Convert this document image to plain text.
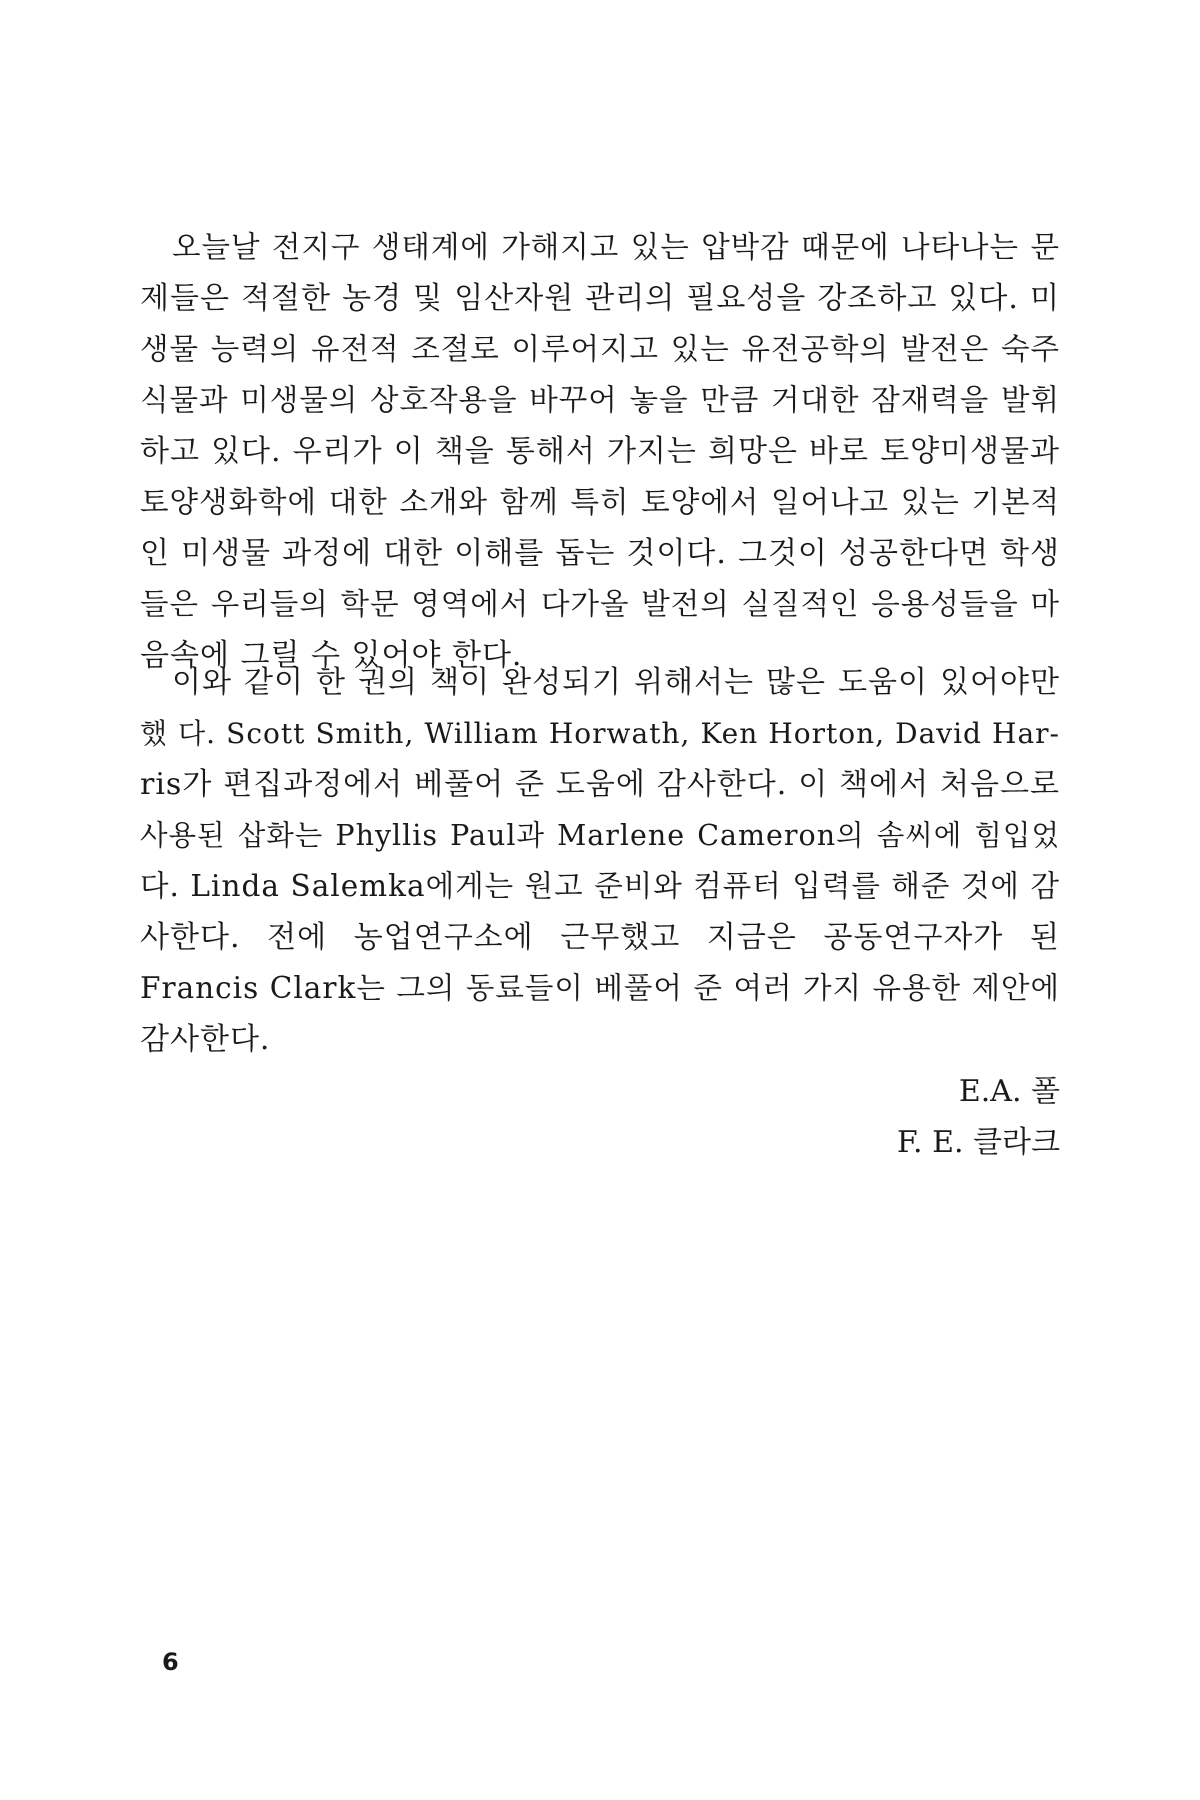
오늘날 전지구 생태계에 가해지고 있는 압박감 때문에 나타나는 문
제들은 적절한 농경 및 임산자원 관리의 필요성을 강조하고 있다. 미
생물 능력의 유전적 조절로 이루어지고 있는 유전공학의 발전은 숙주
식물과 미생물의 상호작용을 바꾸어 놓을 만큼 거대한 잠재력을 발휘
하고 있다. 우리가 이 책을 통해서 가지는 희망은 바로 토양미생물과
토양생화학에 대한 소개와 함께 특히 토양에서 일어나고 있는 기본적
인 미생물 과정에 대한 이해를 돕는 것이다. 그것이 성공한다면 학생
들은 우리들의 학문 영역에서 다가올 발전의 실질적인 응용성들을 마
음속에 그릴 수 있어야 한다.
이와 같이 한 권의 책이 완성되기 위해서는 많은 도움이 있어야만
했 다. Scott Smith, William Horwath, Ken Horton, David Har-
ris가 편집과정에서 베풀어 준 도움에 감사한다. 이 책에서 처음으로
사용된 삽화는 Phyllis Paul과 Marlene Cameron의 솜씨에 힘입었
다. Linda Salemka에게는 원고 준비와 컴퓨터 입력를 해준 것에 감
사한다. 전에 농업연구소에 근무했고 지금은 공동연구자가 된
Francis Clark는 그의 동료들이 베풀어 준 여러 가지 유용한 제안에
감사한다.
E.A. 폴
F. E. 클라크
6
